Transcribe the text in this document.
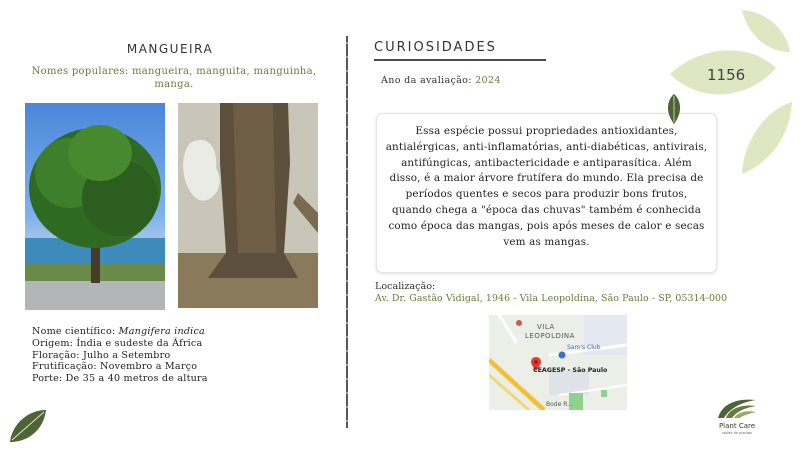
MANGUEIRA
Nomes populares: mangueira, manguita, manguinha, manga.
Nome científico: Mangifera indica
Origem: Índia e sudeste da África
Floração: Julho a Setembro
Frutificação: Novembro a Março
Porte: De 35 a 40 metros de altura
CURIOSIDADES
Ano da avaliação: 2024
Essa espécie possui propriedades antioxidantes, antialérgicas, anti-inflamatórias, anti-diabéticas, antivirais, antifúngicas, antibactericidade e antiparasítica. Além disso, é a maior árvore frutífera do mundo. Ela precisa de períodos quentes e secos para produzir bons frutos, quando chega a "época das chuvas" também é conhecida como época das mangas, pois após meses de calor e secas vem as mangas.
Localização:
Av. Dr. Gastão Vidigal, 1946 - Vila Leopoldina, São Paulo - SP, 05314-000
VILA
LEOPOLDINA
Sam's Club
CEAGESP - São Paulo
Bode R...
1156
Plant Care
saúde de plantas
